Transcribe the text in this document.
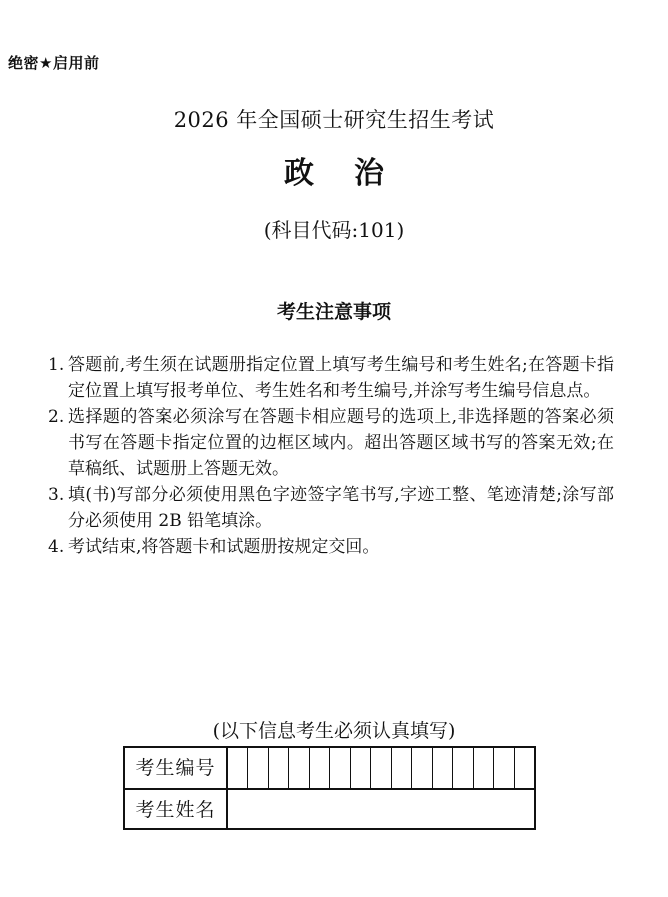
绝密★启用前
2026 年全国硕士研究生招生考试
政治
(科目代码:101)
考生注意事项
1. 答题前,考生须在试题册指定位置上填写考生编号和考生姓名;在答题卡指定位置上填写报考单位、考生姓名和考生编号,并涂写考生编号信息点。
2. 选择题的答案必须涂写在答题卡相应题号的选项上,非选择题的答案必须书写在答题卡指定位置的边框区域内。超出答题区域书写的答案无效;在草稿纸、试题册上答题无效。
3. 填(书)写部分必须使用黑色字迹签字笔书写,字迹工整、笔迹清楚;涂写部分必须使用 2B 铅笔填涂。
4. 考试结束,将答题卡和试题册按规定交回。
(以下信息考生必须认真填写)
考生编号
考生姓名
